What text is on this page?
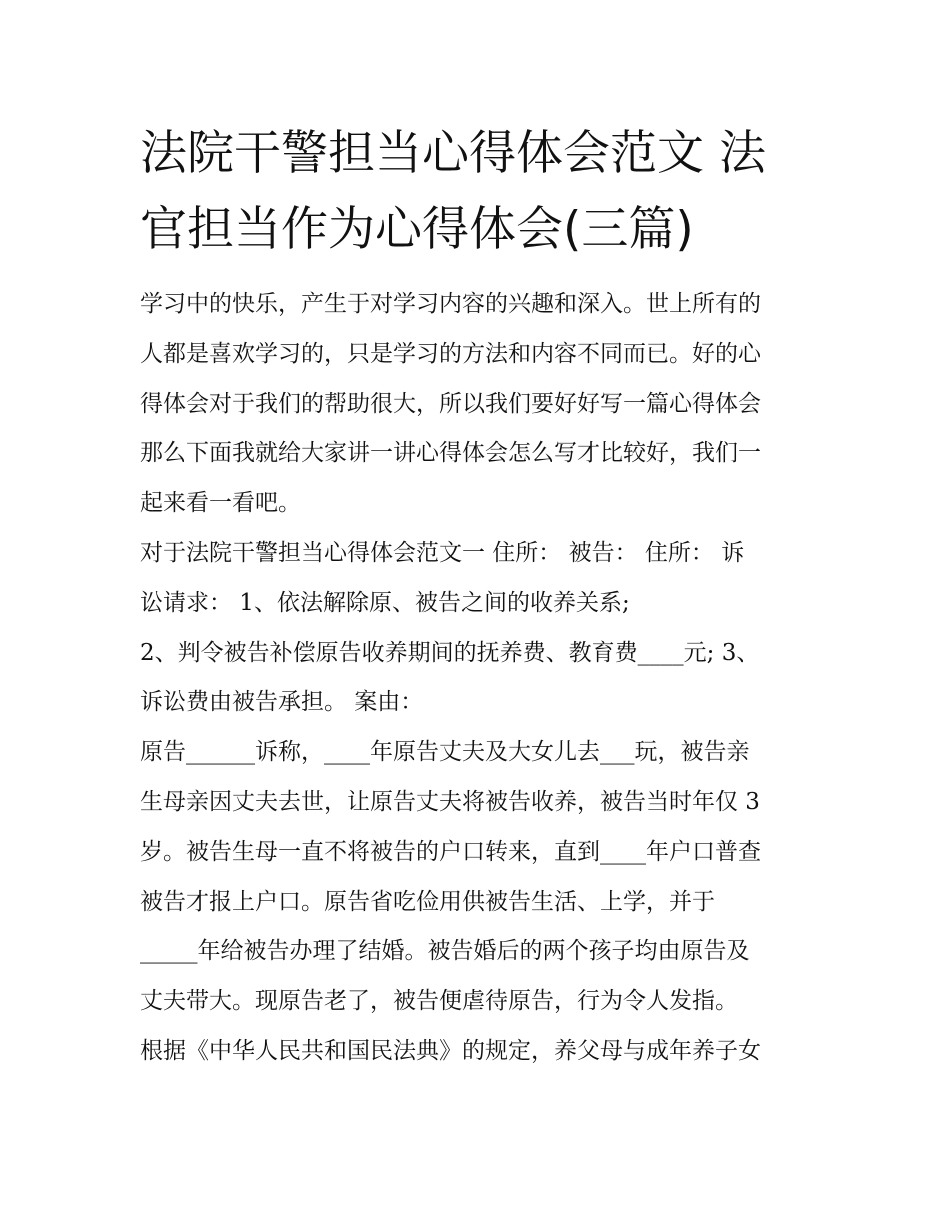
法院干警担当心得体会范文 法
官担当作为心得体会(三篇)
学习中的快乐，产生于对学习内容的兴趣和深入。世上所有的
人都是喜欢学习的，只是学习的方法和内容不同而已。好的心
得体会对于我们的帮助很大，所以我们要好好写一篇心得体会
那么下面我就给大家讲一讲心得体会怎么写才比较好，我们一
起来看一看吧。
对于法院干警担当心得体会范文一 住所： 被告： 住所： 诉
讼请求： 1、依法解除原、被告之间的收养关系;
2、判令被告补偿原告收养期间的抚养费、教育费____元; 3、
诉讼费由被告承担。 案由：
原告______诉称，____年原告丈夫及大女儿去___玩，被告亲
生母亲因丈夫去世，让原告丈夫将被告收养，被告当时年仅 3
岁。被告生母一直不将被告的户口转来，直到____年户口普查
被告才报上户口。原告省吃俭用供被告生活、上学，并于
_____年给被告办理了结婚。被告婚后的两个孩子均由原告及
丈夫带大。现原告老了，被告便虐待原告，行为令人发指。
根据《中华人民共和国民法典》的规定，养父母与成年养子女
